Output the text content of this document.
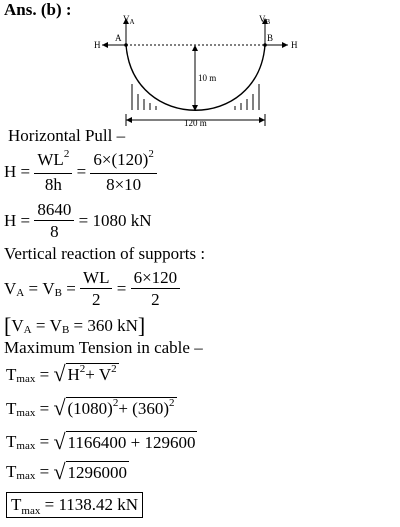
Ans. (b) :	$V_A$	$V_B$
A	B
H	H
10 m
120 m
Horizontal Pull –
H
=
$\frac{WL^2}{8h}$
=
$\frac{6\times(120)^2}{8\times 10}$
H
=
$\frac{8640}{8}$
= 1080 kN
Vertical reaction of supports :
V A
=
V B
=
$\frac{WL}{2}$
=
$\frac{6\times 120}{2}$
[ V A
=
V B
= 360 kN ]
Maximum Tension in cable –
T max
=
√ $H^2+ V^2$
T max
=
√ $(1080)^2+ (360)^2$
T max
=
√ 1166400 + 129600
T max
=
√ 1296000
$T_{max} = 1138.42$ kN
